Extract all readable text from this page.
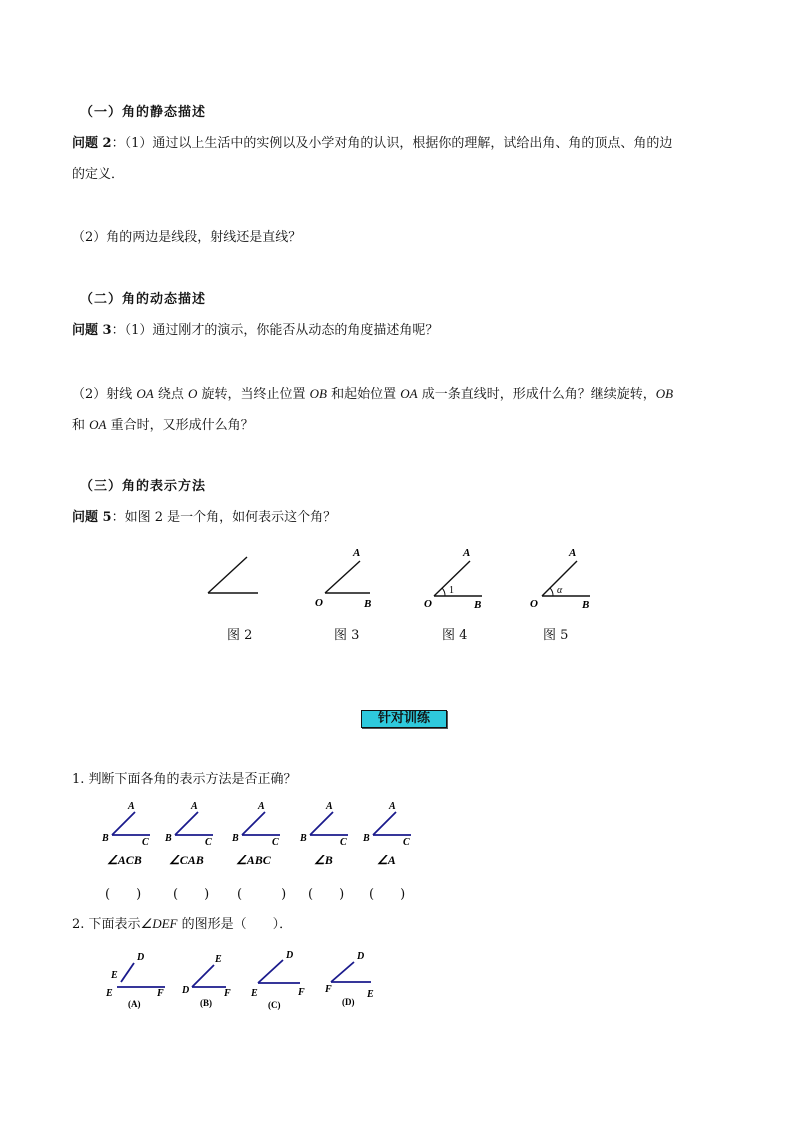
（一）角的静态描述
问题 2：（1）通过以上生活中的实例以及小学对角的认识，根据你的理解，试给出角、角的顶点、角的边
的定义．
（2）角的两边是线段，射线还是直线？
（二）角的动态描述
问题 3：（1）通过刚才的演示，你能否从动态的角度描述角呢？
（2）射线 OA 绕点 O 旋转，当终止位置 OB 和起始位置 OA 成一条直线时，形成什么角？继续旋转，OB
和 OA 重合时，又形成什么角？
（三）角的表示方法
问题 5：如图 2 是一个角，如何表示这个角？
A
O	B
A
O	B
1
A
O	B
α
图 2	图 3	图 4	图 5
针对训练
1. 判断下面各角的表示方法是否正确？
A
B	C
A
B	C
A
B	C
A
B	C
A
B	C
∠ACB ∠CAB	∠ABC	∠B	∠A
(　　) (　　) (　　　) (　　) (　　)
2. 下面表示∠DEF 的图形是（　　）．
D
E
E	F
E
D	F
D
E	F
D
F	E
(A)	(B)	(C)	(D)
